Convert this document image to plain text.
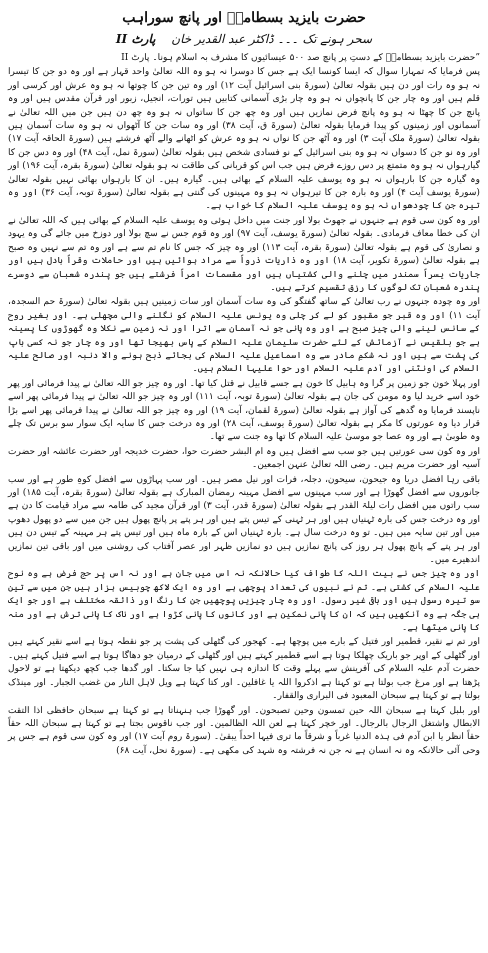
حضرت بایزید بسطامیؒ اور پانچ سوراہب
سحر ہونے تک ۔۔۔ ڈاکٹر عبد القدیر خان پارٹ II

”حضرت بایزید بسطامیؒ کے دستِ پر پانچ صد ۵۰۰ عیسائیوں کا مشرف بہ اسلام ہونا۔ پارٹ II

پس فرمایا کہ تمہارا سوال کہ ایسا کونسا ایک ہے جس کا دوسرا نہ ہو وہ اللہ تعالیٰ واحد قہار ہے اور وہ دو جن کا تیسرا نہ ہو وہ رات اور دن ہیں بقولہ تعالیٰ (سورۃ بنی اسرائیل آیت ۱۲) اور وہ تین جن کا چوتھا نہ ہو وہ عرش اور کرسی اور قلم ہیں اور وہ چار جن کا پانچواں نہ ہو وہ چار بڑی آسمانی کتابیں ہیں تورات، انجیل، زبور اور قرآن مقدس ہیں اور وہ پانچ جن کا چھٹا نہ ہو وہ پانچ فرض نمازیں ہیں اور وہ چھ جن کا ساتواں نہ ہو وہ چھ دن ہیں جن میں اللہ تعالیٰ نے آسمانوں اور زمینوں کو پیدا فرمایا بقولہ تعالیٰ (سورۃ ق، آیت ۳۸) اور وہ سات جن کا آٹھواں نہ ہو وہ سات آسمان ہیں بقولہ تعالیٰ (سورۃ ملک آیت ۳) اور وہ آٹھ جن کا نواں نہ ہو وہ عرش کو اٹھانے والے آٹھ فرشتے ہیں (سورۃ الحاقہ آیت ۱۷) اور وہ نو جن کا دسواں نہ ہو وہ بنی اسرائیل کے نو فسادی شخص ہیں بقولہ تعالیٰ (سورۃ نمل، آیت ۴۸) اور وہ دس جن کا گیارہواں نہ ہو وہ متمتع پر دس روزے فرض ہیں جب اس کو قربانی کی طاقت نہ ہو بقولہ تعالیٰ (سورۃ بقرہ، آیت ۱۹۶) اور وہ گیارہ جن کا بارہواں نہ ہو وہ یوسف علیہ السلام کے بھائی ہیں۔ گیارہ ہیں۔ ان کا بارہواں بھائی نہیں بقولہ تعالیٰ (سورۃ یوسف آیت ۴) اور وہ بارہ جن کا تیرہواں نہ ہو وہ مہینوں کی گنتی ہے بقولہ تعالیٰ (سورۃ توبہ، آیت ۳۶) اور وہ تیرہ جن کا چودھواں نہ ہو وہ یوسف علیہ السلام کا خواب ہے۔

اور وہ کون سی قوم ہے جنہوں نے جھوٹ بولا اور جنت میں داخل ہوئی وہ یوسف علیہ السلام کے بھائی ہیں کہ اللہ تعالیٰ نے ان کی خطا معاف فرمادی۔ بقولہ تعالیٰ (سورۃ یوسف، آیت ۹۷) اور وہ قوم جس نے سچ بولا اور دوزخ میں جائے گی وہ یہود و نصاریٰ کی قوم ہے بقولہ تعالیٰ (سورۃ بقرہ، آیت ۱۱۳) اور وہ چیز کہ جس کا نام تم سے ہے اور وہ تم سے نہیں وہ صبح ہے بقولہ تعالیٰ (سورۃ تکویر، آیت ۱۸) اور وہ ذاریات ذرواً سے مراد ہوائیں ہیں اور حاملات وقراً بادل ہیں اور جاریات یسراً سمندر میں چلنے والی کشتیاں ہیں اور مقسمات امراً فرشتے ہیں جو پندرہ شعبان سے دوسرے پندرہ شعبان تک لوگوں کا رزق تقسیم کرتے ہیں۔

اور وہ چودہ جنہوں نے رب تعالیٰ کے ساتھ گفتگو کی وہ سات آسمان اور سات زمینیں ہیں بقولہ تعالیٰ (سورۃ حم السجدہ، آیت ۱۱) اور وہ قبر جو مقبور کو لے کر چلی وہ یونس علیہ السلام کو نگلنے والی مچھلی ہے۔ اور بغیر روح کے سانس لینے والی چیز صبح ہے اور وہ پانی جو نہ آسمان سے اترا اور نہ زمین سے نکلا وہ گھوڑوں کا پسینہ ہے جو بلقیس نے آزمائش کے لئے حضرت سلیمان علیہ السلام کے پاس بھیجا تھا اور وہ چار جو نہ کسی باپ کی پشت سے ہیں اور نہ شکمِ مادر سے وہ اسماعیل علیہ السلام کی بجائے ذبح ہونے والا دنبہ اور صالح علیہ السلام کی اونٹنی اور آدم علیہ السلام اور حوا علیہا السلام ہیں۔

اور پہلا خون جو زمین پر گرا وہ ہابیل کا خون ہے جسے قابیل نے قتل کیا تھا۔ اور وہ چیز جو اللہ تعالیٰ نے پیدا فرمائی اور پھر خود اسے خرید لیا وہ مومن کی جان ہے بقولہ تعالیٰ (سورۃ توبہ، آیت ۱۱۱) اور وہ چیز جو اللہ تعالیٰ نے پیدا فرمائی پھر اسے ناپسند فرمایا وہ گدھے کی آواز ہے بقولہ تعالیٰ (سورۃ لقمان، آیت ۱۹) اور وہ چیز جو اللہ تعالیٰ نے پیدا فرمائی پھر اسے بڑا قرار دیا وہ عورتوں کا مکر ہے بقولہ تعالیٰ (سورۃ یوسف، آیت ۲۸) اور وہ درخت جس کا سایہ ایک سوار سو برس تک چلے وہ طوبیٰ ہے اور وہ عصا جو موسیٰ علیہ السلام کا تھا وہ جنت سے تھا۔

اور وہ کون سی عورتیں ہیں جو سب سے افضل ہیں وہ ام البشر حضرت حوا، حضرت خدیجہ اور حضرت عائشہ اور حضرت آسیہ اور حضرت مریم ہیں۔ رضی اللہ تعالیٰ عنہن اجمعین۔

باقی رہا افضل دریا وہ جیحون، سیحون، دجلہ، فرات اور نیل مصر ہیں۔ اور سب پہاڑوں سے افضل کوہِ طور ہے اور سب جانوروں سے افضل گھوڑا ہے اور سب مہینوں سے افضل مہینہ رمضان المبارک ہے بقولہ تعالیٰ (سورۃ بقرہ، آیت ۱۸۵) اور سب راتوں میں افضل رات لیلۃ القدر ہے بقولہ تعالیٰ (سورۃ قدر، آیت ۳) اور قرآن مجید کی طامہ سے مراد قیامت کا دن ہے اور وہ درخت جس کی بارہ ٹہنیاں ہیں اور ہر ٹہنی کے تیس پتے ہیں اور ہر پتے پر پانچ پھول ہیں جن میں سے دو پھول دھوپ میں اور تین سایہ میں ہیں۔ تو وہ درخت سال ہے۔ بارہ ٹہنیاں اس کے بارہ ماہ ہیں اور تیس پتے ہر مہینہ کے تیس دن ہیں اور ہر پتے کے پانچ پھول ہر روز کی پانچ نمازیں ہیں دو نمازیں ظہر اور عصر آفتاب کی روشنی میں اور باقی تین نمازیں اندھیرے میں۔

اور وہ چیز جس نے بیت اللہ کا طواف کیا حالانکہ نہ اس میں جان ہے اور نہ اس پر حج فرض ہے وہ نوح علیہ السلام کی کشتی ہے۔ تم نے نبیوں کی تعداد پوچھی ہے اور وہ ایک لاکھ چوبیس ہزار ہیں جن میں سے تین سو تیرہ رسول ہیں اور باقی غیر رسول۔ اور وہ چار چیزیں پوچھیں جن کا رنگ اور ذائقہ مختلف ہے اور جو ایک ہی جگہ ہے وہ آنکھیں ہیں کہ ان کا پانی نمکین ہے اور کانوں کا پانی کڑوا ہے اور ناک کا پانی ترش ہے اور منہ کا پانی میٹھا ہے۔

اور تم نے نقیر، قطمیر اور فتیل کے بارے میں پوچھا ہے۔ کھجور کی گٹھلی کی پشت پر جو نقطہ ہوتا ہے اسے نقیر کہتے ہیں اور گٹھلی کے اوپر جو باریک چھلکا ہوتا ہے اسے قطمیر کہتے ہیں اور گٹھلی کے درمیان جو دھاگا ہوتا ہے اسے فتیل کہتے ہیں۔ حضرت آدم علیہ السلام کی آفرینش سے پہلے وقت کا اندازہ ہی نہیں کیا جا سکتا۔ اور گدھا جب کچھ دیکھتا ہے تو لاحول پڑھتا ہے اور مرغ جب بولتا ہے تو کہتا ہے اذکروا اللہ یا غافلین۔ اور کتا کہتا ہے ویل لاہل النار من غضب الجبار۔ اور مینڈک بولتا ہے تو کہتا ہے سبحان المعبود فی البراری والقفار۔

اور بلبل کہتا ہے سبحان اللہ حین تمسون وحین تصبحون۔ اور گھوڑا جب ہنہناتا ہے تو کہتا ہے سبحان حافظی اذا التقت الابطال واشتغل الرجال بالرجال۔ اور خچر کہتا ہے لعن اللہ الظالمین۔ اور جب ناقوس بجتا ہے تو کہتا ہے سبحان اللہ حقاً حقاً انظر یا ابن آدم فی ہذہ الدنیا غرباً و شرقاً ما تری فیہا احداً یبقیٰ۔ (سورۃ روم آیت ۱۷) اور وہ کون سی قوم ہے جس پر وحی آئی حالانکہ وہ نہ انسان ہے نہ جن نہ فرشتہ وہ شہد کی مکھی ہے۔ (سورۃ نحل، آیت ۶۸)
